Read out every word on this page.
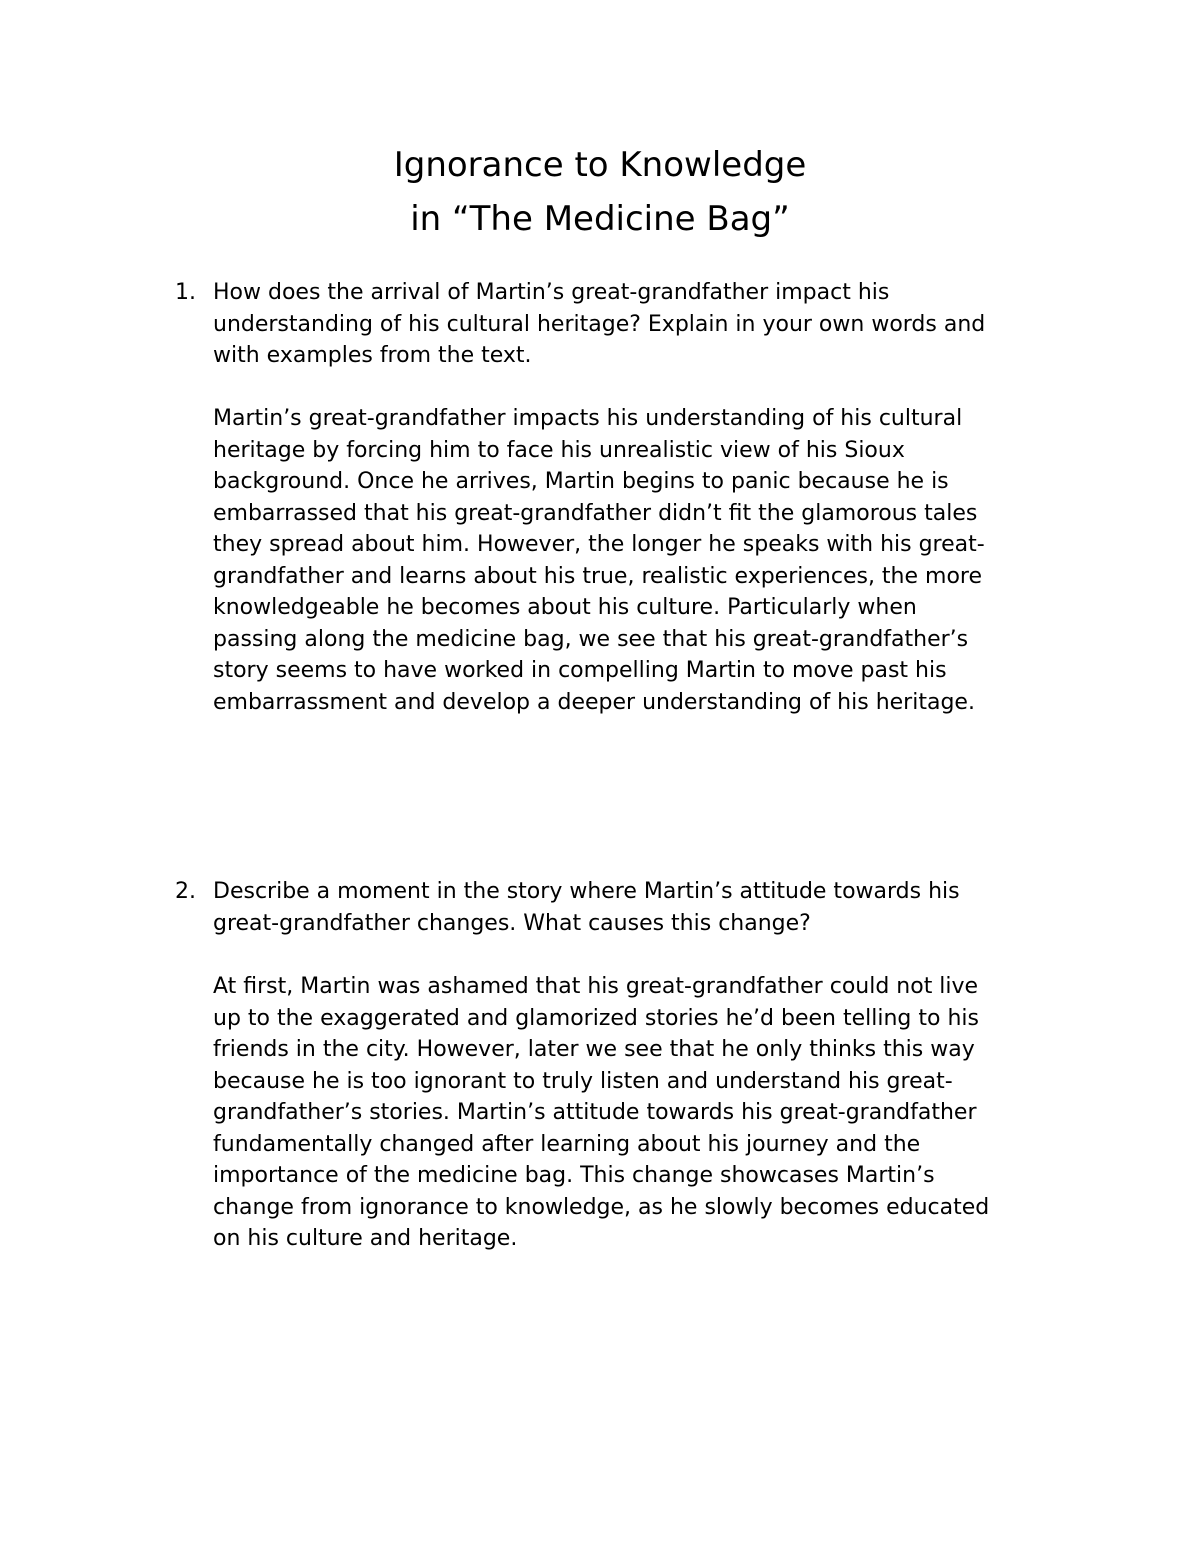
Ignorance to Knowledge
in “The Medicine Bag”
1. How does the arrival of Martin’s great-grandfather impact his
understanding of his cultural heritage? Explain in your own words and
with examples from the text.
Martin’s great-grandfather impacts his understanding of his cultural
heritage by forcing him to face his unrealistic view of his Sioux
background. Once he arrives, Martin begins to panic because he is
embarrassed that his great-grandfather didn’t fit the glamorous tales
they spread about him. However, the longer he speaks with his great-
grandfather and learns about his true, realistic experiences, the more
knowledgeable he becomes about his culture. Particularly when
passing along the medicine bag, we see that his great-grandfather’s
story seems to have worked in compelling Martin to move past his
embarrassment and develop a deeper understanding of his heritage.
2. Describe a moment in the story where Martin’s attitude towards his
great-grandfather changes. What causes this change?
At first, Martin was ashamed that his great-grandfather could not live
up to the exaggerated and glamorized stories he’d been telling to his
friends in the city. However, later we see that he only thinks this way
because he is too ignorant to truly listen and understand his great-
grandfather’s stories. Martin’s attitude towards his great-grandfather
fundamentally changed after learning about his journey and the
importance of the medicine bag. This change showcases Martin’s
change from ignorance to knowledge, as he slowly becomes educated
on his culture and heritage.
